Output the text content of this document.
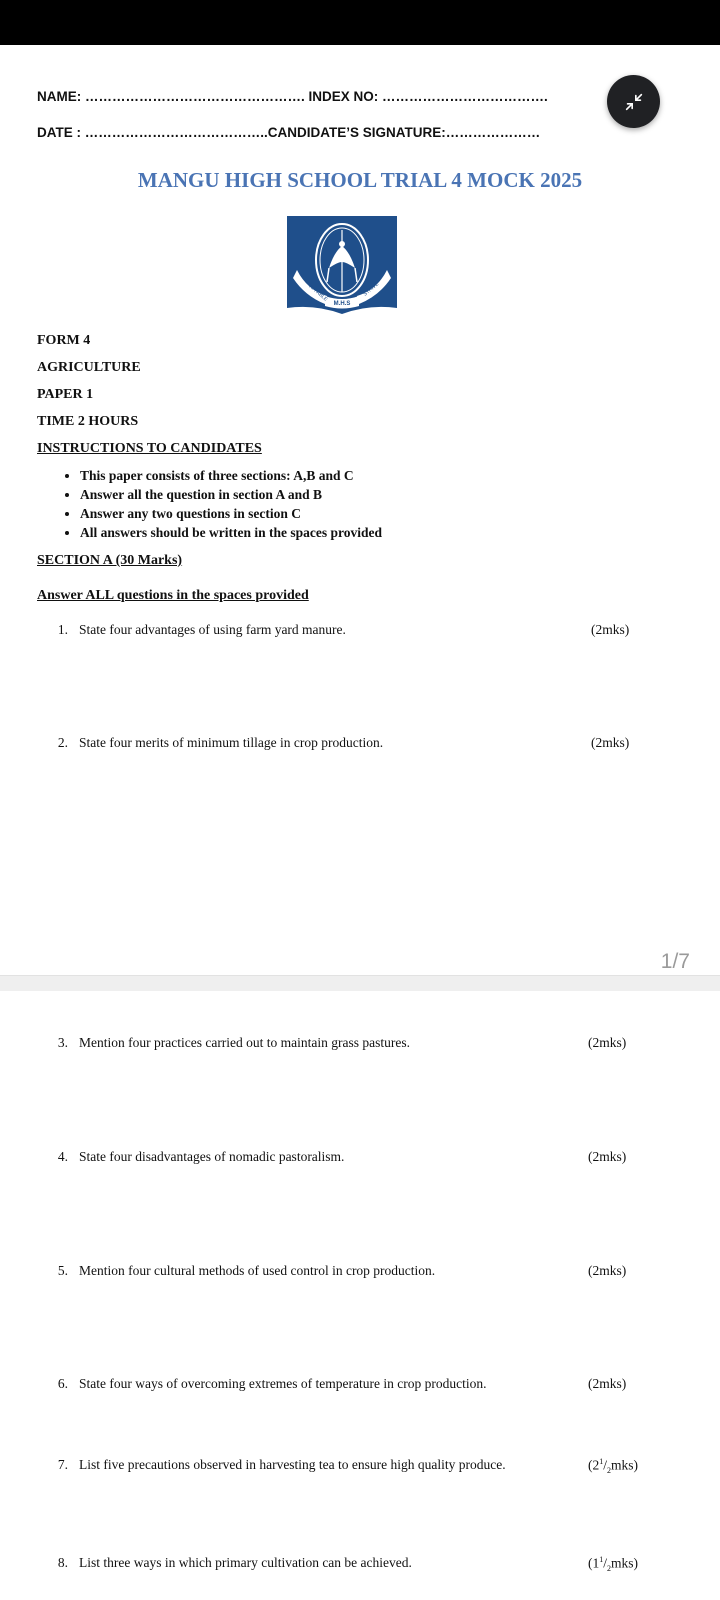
NAME: …………………………………………. INDEX NO: ……………………………….
DATE : …………………………………..CANDIDATE’S SIGNATURE:…………………
MANGU HIGH SCHOOL TRIAL 4 MOCK 2025
AFFABLE	STRIVE
M.H.S
FORM 4
AGRICULTURE
PAPER 1
TIME 2 HOURS
INSTRUCTIONS TO CANDIDATES
• This paper consists of three sections: A,B and C
• Answer all the question in section A and B
• Answer any two questions in section C
• All answers should be written in the spaces provided
SECTION A (30 Marks)
Answer ALL questions in the spaces provided
1. State four advantages of using farm yard manure.	(2mks)
2. State four merits of minimum tillage in crop production.	(2mks)
1/7
3. Mention four practices carried out to maintain grass pastures.	(2mks)
4. State four disadvantages of nomadic pastoralism.	(2mks)
5. Mention four cultural methods of used control in crop production.	(2mks)
6. State four ways of overcoming extremes of temperature in crop production.	(2mks)
7. List five precautions observed in harvesting tea to ensure high quality produce.	$(2^1/_2mks)$
8. List three ways in which primary cultivation can be achieved.	$(1^1/_2mks)$
